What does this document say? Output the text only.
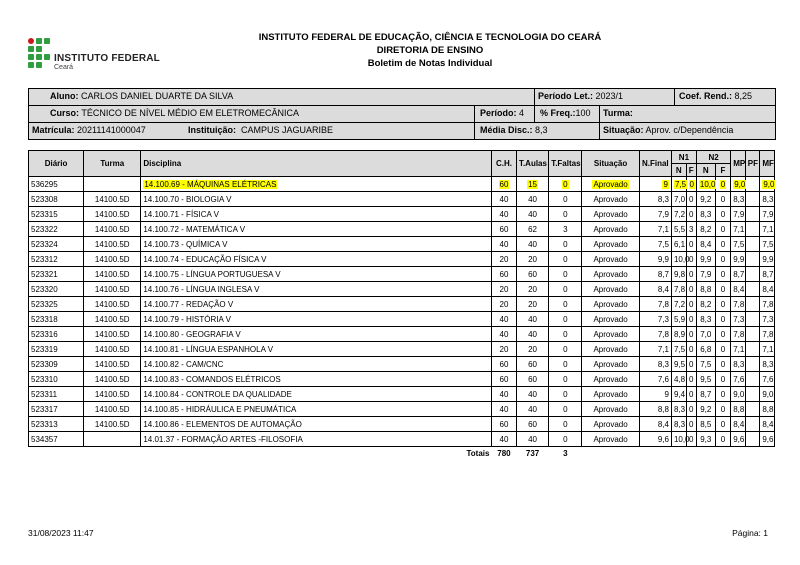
INSTITUTO FEDERAL
Ceará
INSTITUTO FEDERAL DE EDUCAÇÃO, CIÊNCIA E TECNOLOGIA DO CEARÁ
DIRETORIA DE ENSINO
Boletim de Notas Individual
Aluno: CARLOS DANIEL DUARTE DA SILVA	Período Let.: 2023/1	Coef. Rend.: 8,25
Curso: TÉCNICO DE NÍVEL MÉDIO EM ELETROMECÂNICA	Período: 4 % Freq.:100 Turma:
Matrícula: 20211141000047	Instituição: CAMPUS JAGUARIBE	Média Disc.: 8,3	Situação: Aprov. c/Dependência
Diário	Turma	Disciplina	C.H.	T.Aulas	T.Faltas	Situação	N.Final	N1		N2		MP	PF	MF
								N	F	N	F			
536295		14.100.69 - MÁQUINAS ELÉTRICAS	60	15	0	Aprovado	9	7,5	0	10,0	0	9,0		9,0
523308	14100.5D	14.100.70 - BIOLOGIA V	40	40	0	Aprovado	8,3	7,0	0	9,2	0	8,3		8,3
523315	14100.5D	14.100.71 - FÍSICA V	40	40	0	Aprovado	7,9	7,2	0	8,3	0	7,9		7,9
523322	14100.5D	14.100.72 - MATEMÁTICA V	60	62	3	Aprovado	7,1	5,5	3	8,2	0	7,1		7,1
523324	14100.5D	14.100.73 - QUÍMICA V	40	40	0	Aprovado	7,5	6,1	0	8,4	0	7,5		7,5
523312	14100.5D	14.100.74 - EDUCAÇÃO FÍSICA V	20	20	0	Aprovado	9,9	10,0	0	9,9	0	9,9		9,9
523321	14100.5D	14.100.75 - LÍNGUA PORTUGUESA V	60	60	0	Aprovado	8,7	9,8	0	7,9	0	8,7		8,7
523320	14100.5D	14.100.76 - LÍNGUA INGLESA V	20	20	0	Aprovado	8,4	7,8	0	8,8	0	8,4		8,4
523325	14100.5D	14.100.77 - REDAÇÃO V	20	20	0	Aprovado	7,8	7,2	0	8,2	0	7,8		7,8
523318	14100.5D	14.100.79 - HISTÓRIA V	40	40	0	Aprovado	7,3	5,9	0	8,3	0	7,3		7,3
523316	14100.5D	14.100.80 - GEOGRAFIA V	40	40	0	Aprovado	7,8	8,9	0	7,0	0	7,8		7,8
523319	14100.5D	14.100.81 - LÍNGUA ESPANHOLA V	20	20	0	Aprovado	7,1	7,5	0	6,8	0	7,1		7,1
523309	14100.5D	14.100.82 - CAM/CNC	60	60	0	Aprovado	8,3	9,5	0	7,5	0	8,3		8,3
523310	14100.5D	14.100.83 - COMANDOS ELÉTRICOS	60	60	0	Aprovado	7,6	4,8	0	9,5	0	7,6		7,6
523311	14100.5D	14.100.84 - CONTROLE DA QUALIDADE	40	40	0	Aprovado	9	9,4	0	8,7	0	9,0		9,0
523317	14100.5D	14.100.85 - HIDRÁULICA E PNEUMÁTICA	40	40	0	Aprovado	8,8	8,3	0	9,2	0	8,8		8,8
523313	14100.5D	14.100.86 - ELEMENTOS DE AUTOMAÇÃO	60	60	0	Aprovado	8,4	8,3	0	8,5	0	8,4		8,4
534357		14.01.37 - FORMAÇÃO ARTES -FILOSOFIA	40	40	0	Aprovado	9,6	10,0	0	9,3	0	9,6		9,6
Totais			780	737	3									
31/08/2023 11:47	Página: 1
